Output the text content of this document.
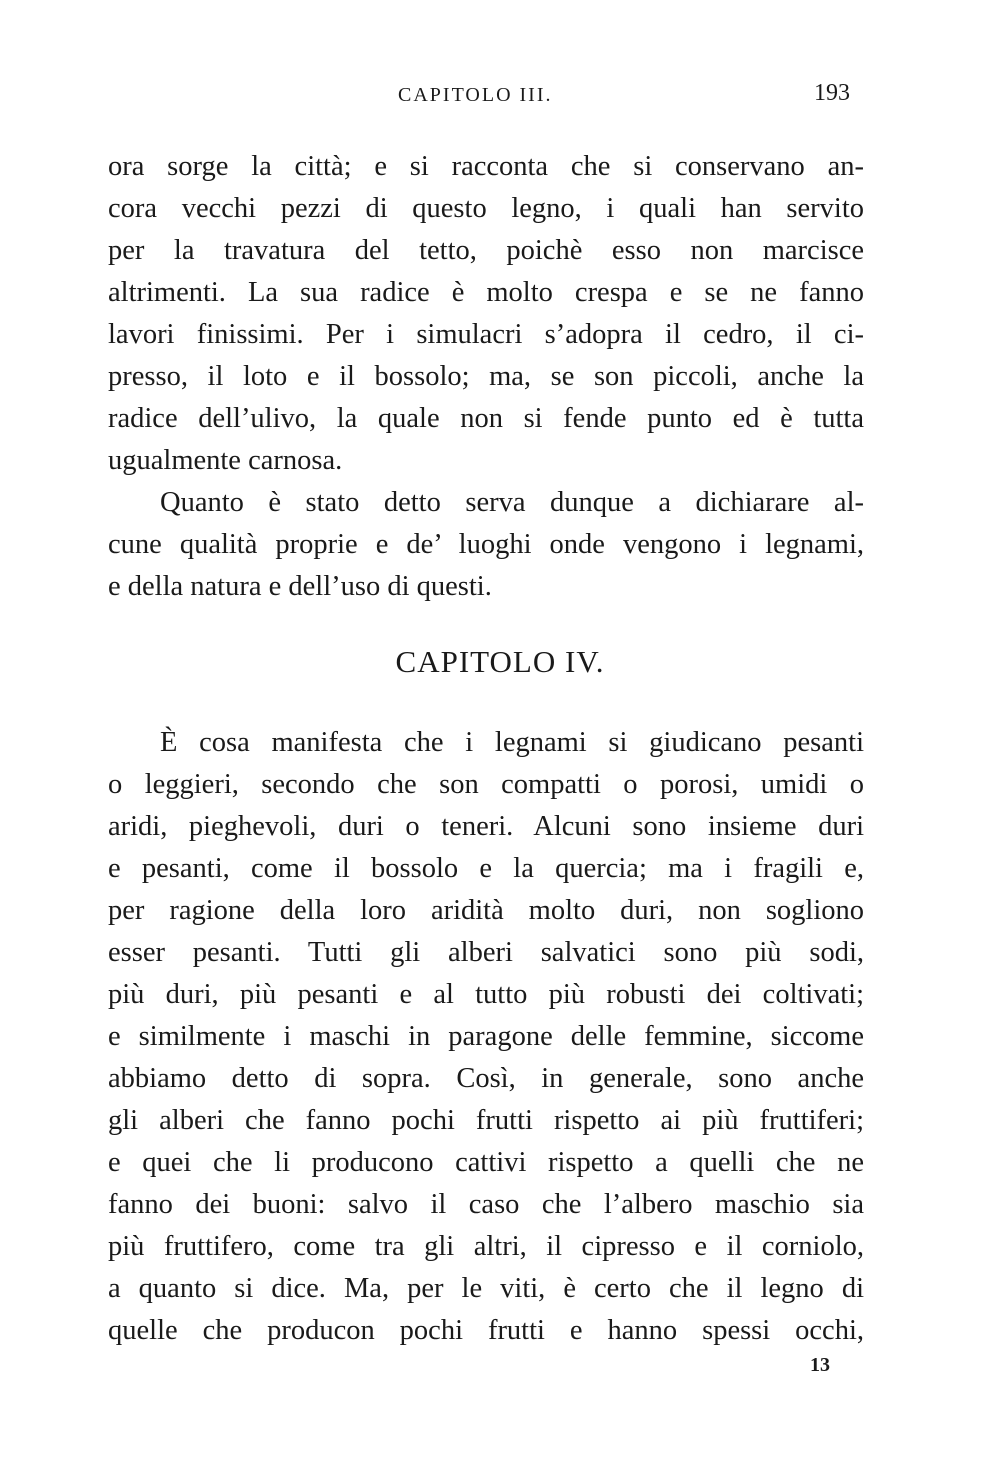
CAPITOLO III.	193
ora sorge la città; e si racconta che si conservano an-
cora vecchi pezzi di questo legno, i quali han servito
per la travatura del tetto, poichè esso non marcisce
altrimenti. La sua radice è molto crespa e se ne fanno
lavori finissimi. Per i simulacri s’adopra il cedro, il ci-
presso, il loto e il bossolo; ma, se son piccoli, anche la
radice dell’ulivo, la quale non si fende punto ed è tutta
ugualmente carnosa.
Quanto è stato detto serva dunque a dichiarare al-
cune qualità proprie e de’ luoghi onde vengono i legnami,
e della natura e dell’uso di questi.
CAPITOLO IV.
È cosa manifesta che i legnami si giudicano pesanti
o leggieri, secondo che son compatti o porosi, umidi o
aridi, pieghevoli, duri o teneri. Alcuni sono insieme duri
e pesanti, come il bossolo e la quercia; ma i fragili e,
per ragione della loro aridità molto duri, non sogliono
esser pesanti. Tutti gli alberi salvatici sono più sodi,
più duri, più pesanti e al tutto più robusti dei coltivati;
e similmente i maschi in paragone delle femmine, siccome
abbiamo detto di sopra. Così, in generale, sono anche
gli alberi che fanno pochi frutti rispetto ai più fruttiferi;
e quei che li producono cattivi rispetto a quelli che ne
fanno dei buoni: salvo il caso che l’albero maschio sia
più fruttifero, come tra gli altri, il cipresso e il corniolo,
a quanto si dice. Ma, per le viti, è certo che il legno di
quelle che producon pochi frutti e hanno spessi occhi,
13
